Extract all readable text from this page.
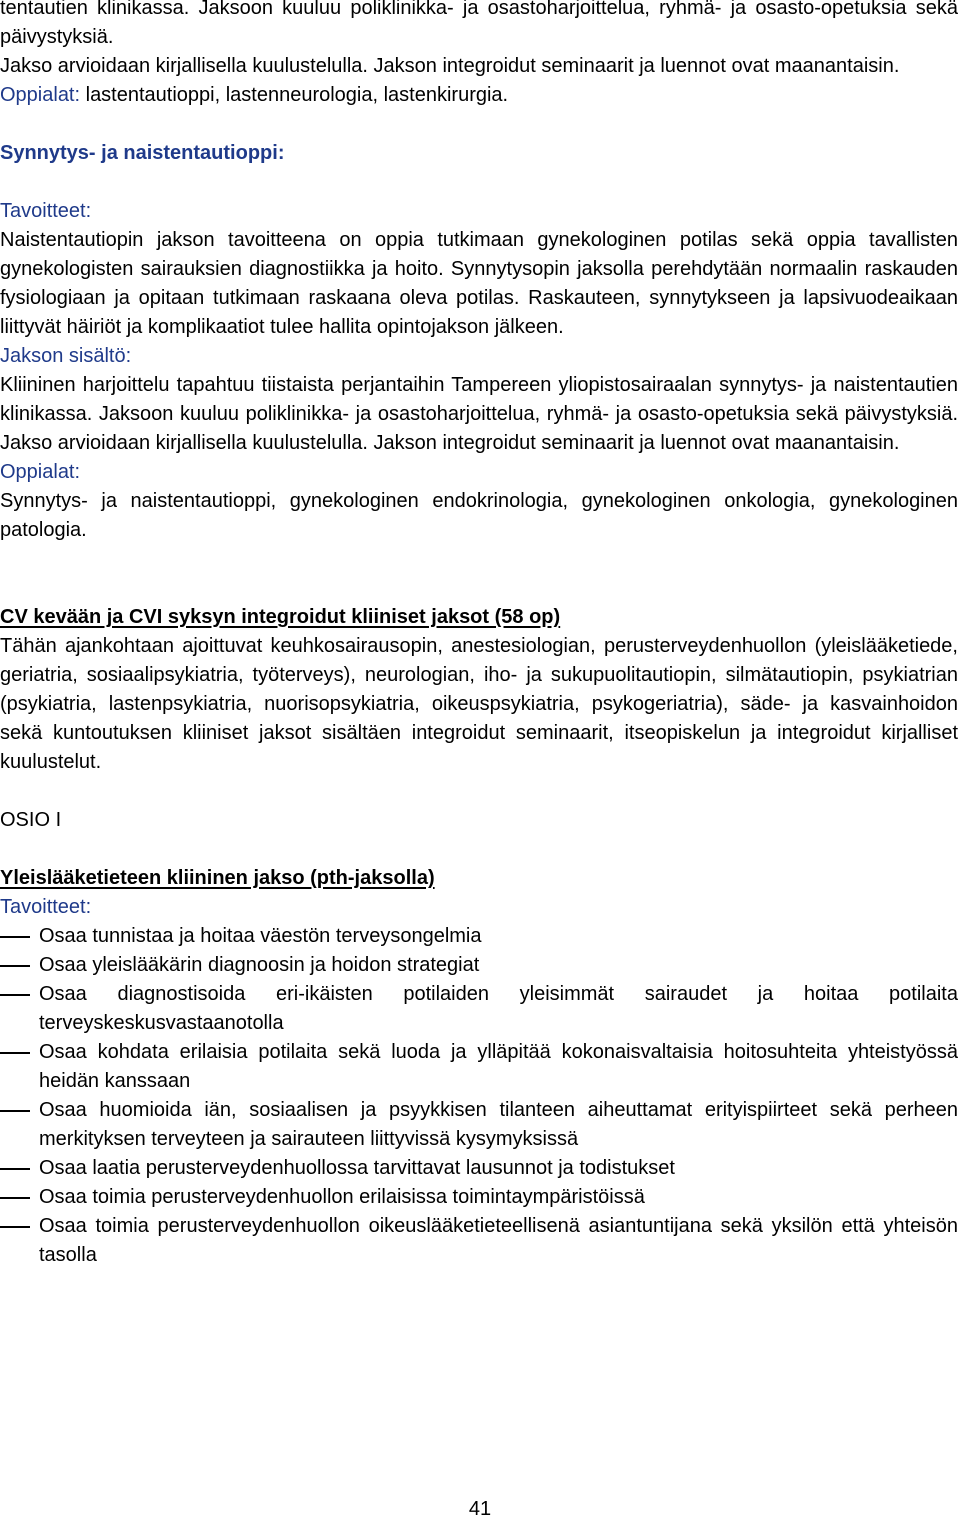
tentautien klinikassa. Jaksoon kuuluu poliklinikka- ja osastoharjoittelua, ryhmä- ja osasto-opetuksia sekä päivystyksiä.

Jakso arvioidaan kirjallisella kuulustelulla. Jakson integroidut seminaarit ja luennot ovat maanantaisin.

Oppialat: lastentautioppi, lastenneurologia, lastenkirurgia.

Synnytys- ja naistentautioppi:

Tavoitteet:

Naistentautiopin jakson tavoitteena on oppia tutkimaan gynekologinen potilas sekä oppia tavallisten gynekologisten sairauksien diagnostiikka ja hoito. Synnytysopin jaksolla perehdytään normaalin raskauden fysiologiaan ja opitaan tutkimaan raskaana oleva potilas. Raskauteen, synnytykseen ja lapsivuodeaikaan liittyvät häiriöt ja komplikaatiot tulee hallita opintojakson jälkeen.

Jakson sisältö:

Kliininen harjoittelu tapahtuu tiistaista perjantaihin Tampereen yliopistosairaalan synnytys- ja naistentautien klinikassa. Jaksoon kuuluu poliklinikka- ja osastoharjoittelua, ryhmä- ja osasto-opetuksia sekä päivystyksiä. Jakso arvioidaan kirjallisella kuulustelulla. Jakson integroidut seminaarit ja luennot ovat maanantaisin.

Oppialat:

Synnytys- ja naistentautioppi, gynekologinen endokrinologia, gynekologinen onkologia, gynekologinen patologia.

CV kevään ja CVI syksyn integroidut kliiniset jaksot (58 op)

Tähän ajankohtaan ajoittuvat keuhkosairausopin, anestesiologian, perusterveydenhuollon (yleislääketiede, geriatria, sosiaalipsykiatria, työterveys), neurologian, iho- ja sukupuolitautiopin, silmätautiopin, psykiatrian (psykiatria, lastenpsykiatria, nuorisopsykiatria, oikeuspsykiatria, psykogeriatria), säde- ja kasvainhoidon sekä kuntoutuksen kliiniset jaksot sisältäen integroidut seminaarit, itseopiskelun ja integroidut kirjalliset kuulustelut.

OSIO I

Yleislääketieteen kliininen jakso (pth-jaksolla)

Tavoitteet:

Osaa tunnistaa ja hoitaa väestön terveysongelmia
Osaa yleislääkärin diagnoosin ja hoidon strategiat
Osaa diagnostisoida eri-ikäisten potilaiden yleisimmät sairaudet ja hoitaa potilaita terveyskeskusvastaanotolla
Osaa kohdata erilaisia potilaita sekä luoda ja ylläpitää kokonaisvaltaisia hoitosuhteita yhteistyössä heidän kanssaan
Osaa huomioida iän, sosiaalisen ja psyykkisen tilanteen aiheuttamat erityispiirteet sekä perheen merkityksen terveyteen ja sairauteen liittyvissä kysymyksissä
Osaa laatia perusterveydenhuollossa tarvittavat lausunnot ja todistukset
Osaa toimia perusterveydenhuollon erilaisissa toimintaympäristöissä
Osaa toimia perusterveydenhuollon oikeuslääketieteellisenä asiantuntijana sekä yksilön että yhteisön tasolla
41
